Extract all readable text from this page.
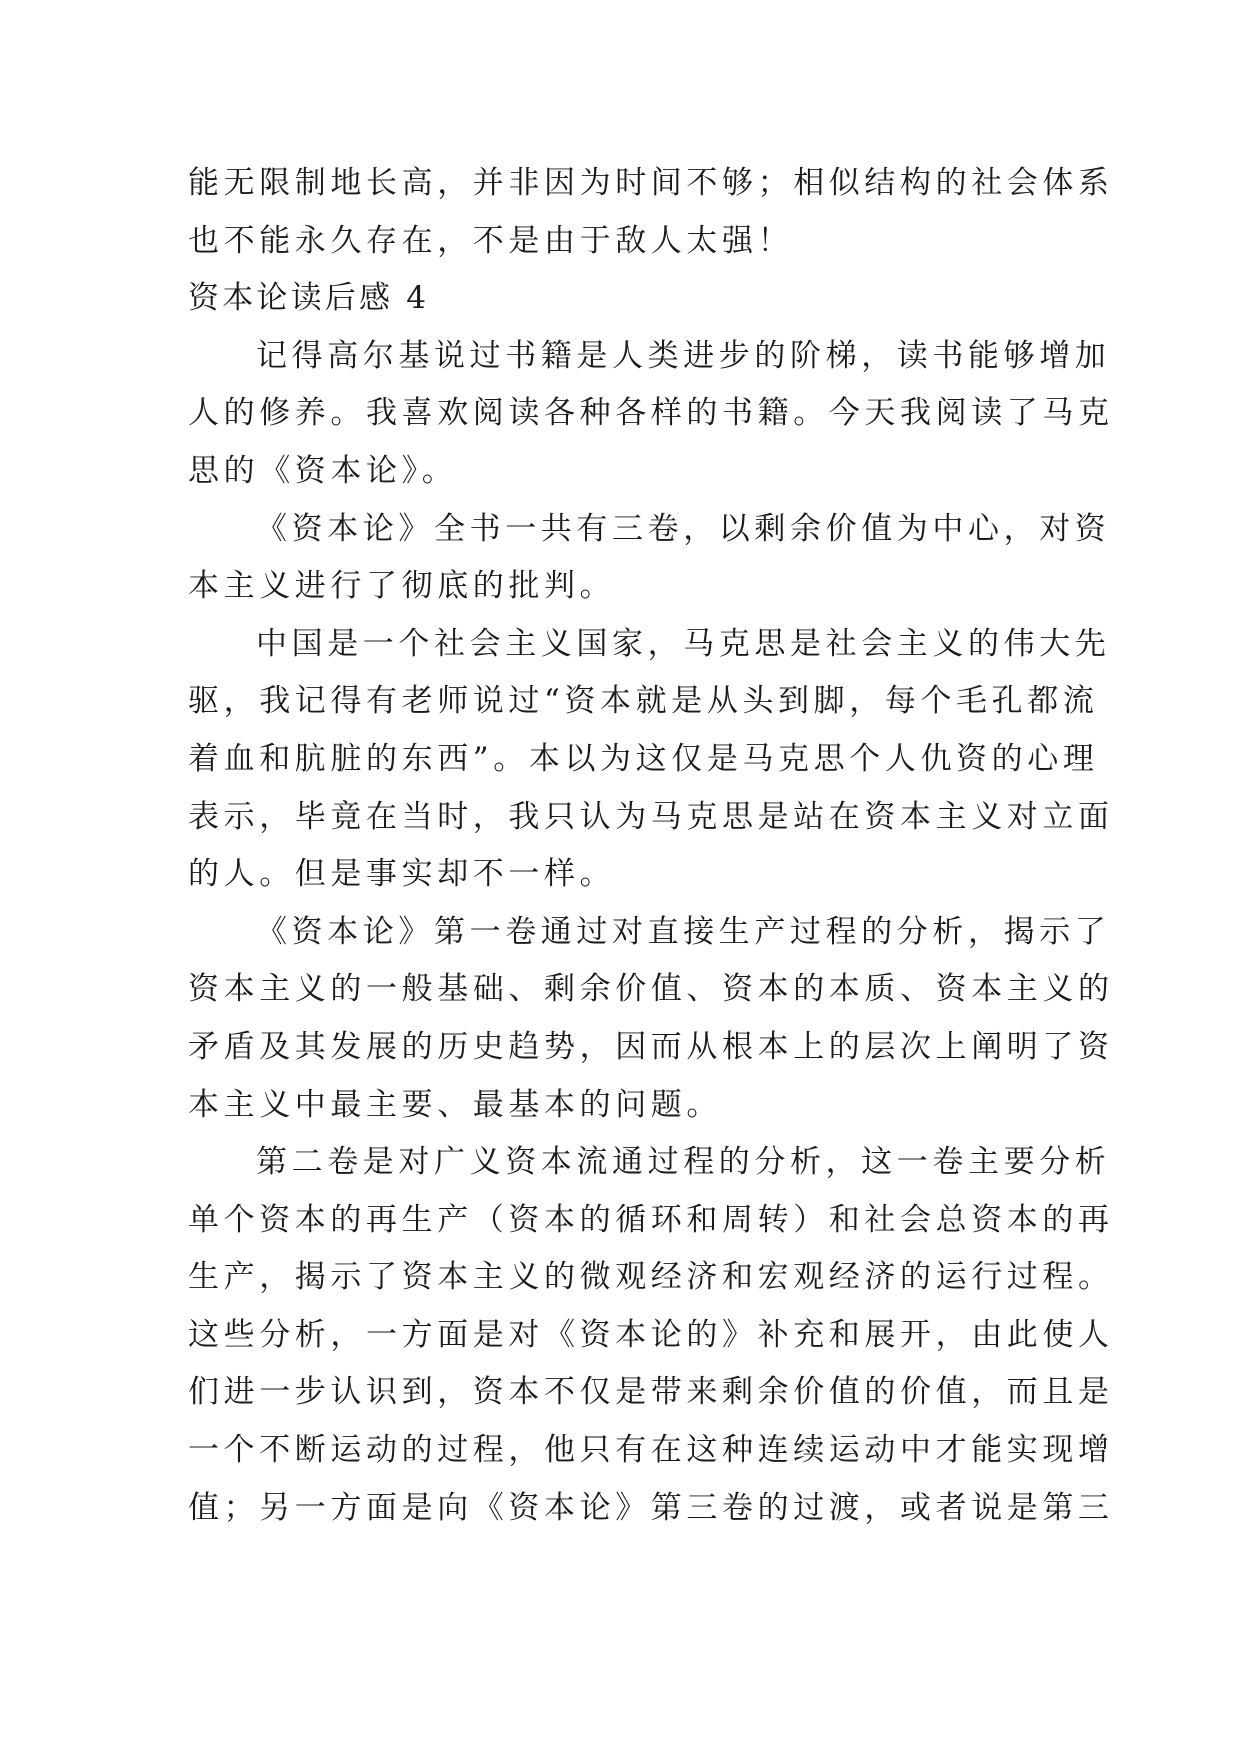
能无限制地长高，并非因为时间不够；相似结构的社会体系
也不能永久存在，不是由于敌人太强！
资本论读后感 4
记得高尔基说过书籍是人类进步的阶梯，读书能够增加
人的修养。我喜欢阅读各种各样的书籍。今天我阅读了马克
思的《资本论》。
《资本论》全书一共有三卷，以剩余价值为中心，对资
本主义进行了彻底的批判。
中国是一个社会主义国家，马克思是社会主义的伟大先
驱，我记得有老师说过“资本就是从头到脚，每个毛孔都流
着血和肮脏的东西”。本以为这仅是马克思个人仇资的心理
表示，毕竟在当时，我只认为马克思是站在资本主义对立面
的人。但是事实却不一样。
《资本论》第一卷通过对直接生产过程的分析，揭示了
资本主义的一般基础、剩余价值、资本的本质、资本主义的
矛盾及其发展的历史趋势，因而从根本上的层次上阐明了资
本主义中最主要、最基本的问题。
第二卷是对广义资本流通过程的分析，这一卷主要分析
单个资本的再生产（资本的循环和周转）和社会总资本的再
生产，揭示了资本主义的微观经济和宏观经济的运行过程。
这些分析，一方面是对《资本论的》补充和展开，由此使人
们进一步认识到，资本不仅是带来剩余价值的价值，而且是
一个不断运动的过程，他只有在这种连续运动中才能实现增
值；另一方面是向《资本论》第三卷的过渡，或者说是第三
